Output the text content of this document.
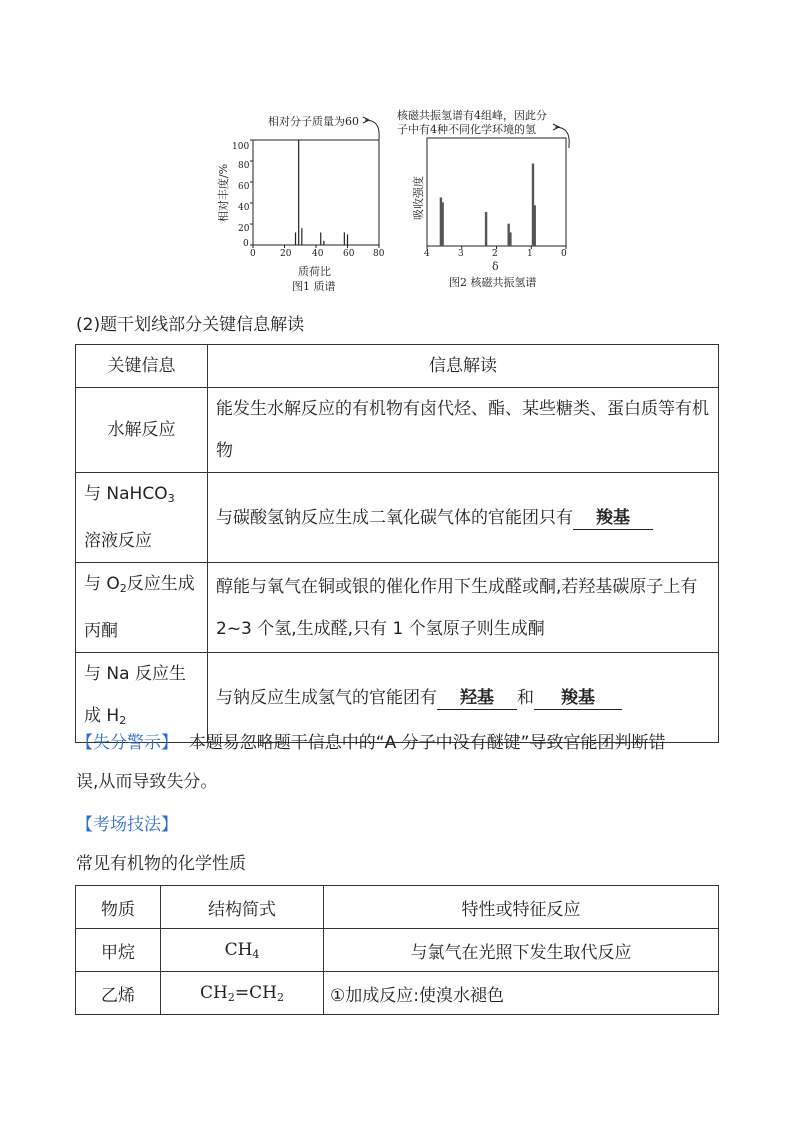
相对分子质量为60
相对丰度/%
100
80
60
40
20
0
0	20 40 60 80
质荷比
图1 质谱
核磁共振氢谱有4组峰，因此分
子中有4种不同化学环境的氢
吸收强度
4	3	2	1	0
δ
图2 核磁共振氢谱
(2)题干划线部分关键信息解读
关键信息	信息解读
水解反应	能发生水解反应的有机物有卤代烃、酯、某些糖类、蛋白质等有机物
与 NaHCO$_3$
溶液反应	与碳酸氢钠反应生成二氧化碳气体的官能团只有 羧基
与 $O_2$反应生成丙酮	醇能与氧气在铜或银的催化作用下生成醛或酮,若羟基碳原子上有 2~3 个氢,生成醛,只有 1 个氢原子则生成酮
与 Na 反应生成 $H_2$	与钠反应生成氢气的官能团有 羟基 和 羧基
【失分警示】 本题易忽略题干信息中的“A 分子中没有醚键”导致官能团判断错
误,从而导致失分。
【考场技法】
常见有机物的化学性质
物质	结构简式	特性或特征反应
甲烷	$CH_4$	与氯气在光照下发生取代反应
乙烯	$CH_2=CH_2$	①加成反应:使溴水褪色
